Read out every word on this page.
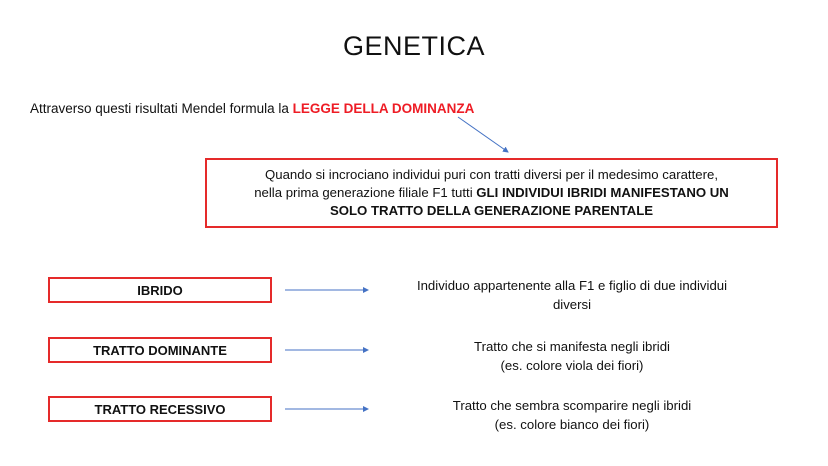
GENETICA
Attraverso questi risultati Mendel formula la LEGGE DELLA DOMINANZA
Quando si incrociano individui puri con tratti diversi per il medesimo carattere,
nella prima generazione filiale F1 tutti GLI INDIVIDUI IBRIDI MANIFESTANO UN
SOLO TRATTO DELLA GENERAZIONE PARENTALE
IBRIDO	Individuo appartenente alla F1 e figlio di due individui
diversi
TRATTO DOMINANTE	Tratto che si manifesta negli ibridi
(es. colore viola dei fiori)
TRATTO RECESSIVO	Tratto che sembra scomparire negli ibridi
(es. colore bianco dei fiori)
